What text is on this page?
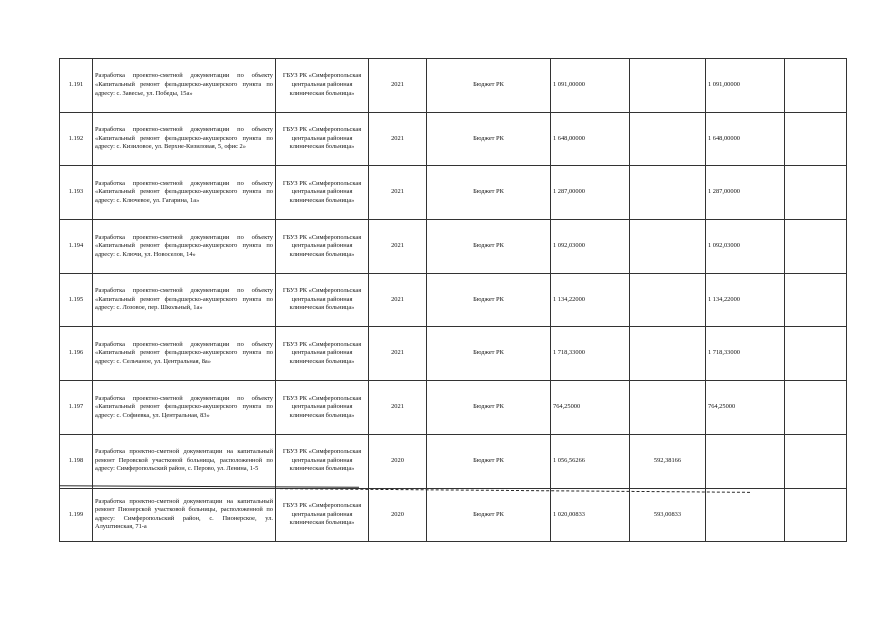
1.191	Разработка проектно-сметной документации по объекту «Капитальный ремонт фельдшерско-акушерского пункта по адресу: с. Завесье, ул. Победы, 15а»	ГБУЗ РК «Симферопольская центральная районная клиническая больница»	2021	Бюджет РК	1 091,00000		1 091,00000	
1.192	Разработка проектно-сметной документации по объекту «Капитальный ремонт фельдшерско-акушерского пункта по адресу: с. Кизиловое, ул. Верхне-Кизиловая, 5, офис 2»	ГБУЗ РК «Симферопольская центральная районная клиническая больница»	2021	Бюджет РК	1 648,00000		1 648,00000	
1.193	Разработка проектно-сметной документации по объекту «Капитальный ремонт фельдшерско-акушерского пункта по адресу: с. Ключевое, ул. Гагарина, 1а»	ГБУЗ РК «Симферопольская центральная районная клиническая больница»	2021	Бюджет РК	1 287,00000		1 287,00000	
1.194	Разработка проектно-сметной документации по объекту «Капитальный ремонт фельдшерско-акушерского пункта по адресу: с. Ключи, ул. Новоселов, 14»	ГБУЗ РК «Симферопольская центральная районная клиническая больница»	2021	Бюджет РК	1 092,03000		1 092,03000	
1.195	Разработка проектно-сметной документации по объекту «Капитальный ремонт фельдшерско-акушерского пункта по адресу: с. Лозовое, пер. Школьный, 1а»	ГБУЗ РК «Симферопольская центральная районная клиническая больница»	2021	Бюджет РК	1 134,22000		1 134,22000	
1.196	Разработка проектно-сметной документации по объекту «Капитальный ремонт фельдшерско-акушерского пункта по адресу: с. Сельчаное, ул. Центральная, 8а»	ГБУЗ РК «Симферопольская центральная районная клиническая больница»	2021	Бюджет РК	1 718,33000		1 718,33000	
1.197	Разработка проектно-сметной документации по объекту «Капитальный ремонт фельдшерско-акушерского пункта по адресу: с. Софиевка, ул. Центральная, 83»	ГБУЗ РК «Симферопольская центральная районная клиническая больница»	2021	Бюджет РК	764,25000		764,25000	
1.198	Разработка проектно-сметной документации на капитальный ремонт Перовской участковой больницы, расположенной по адресу: Симферопольский район, с. Перово, ул. Ленина, 1-5	ГБУЗ РК «Симферопольская центральная районная клиническая больница»	2020	Бюджет РК	1 056,56266	592,38166		
1.199	Разработка проектно-сметной документации на капитальный ремонт Пионерской участковой больницы, расположенной по адресу: Симферопольский район, с. Пионерское, ул. Алуштинская, 71-а	ГБУЗ РК «Симферопольская центральная районная клиническая больница»	2020	Бюджет РК	1 020,00833	593,00833		
